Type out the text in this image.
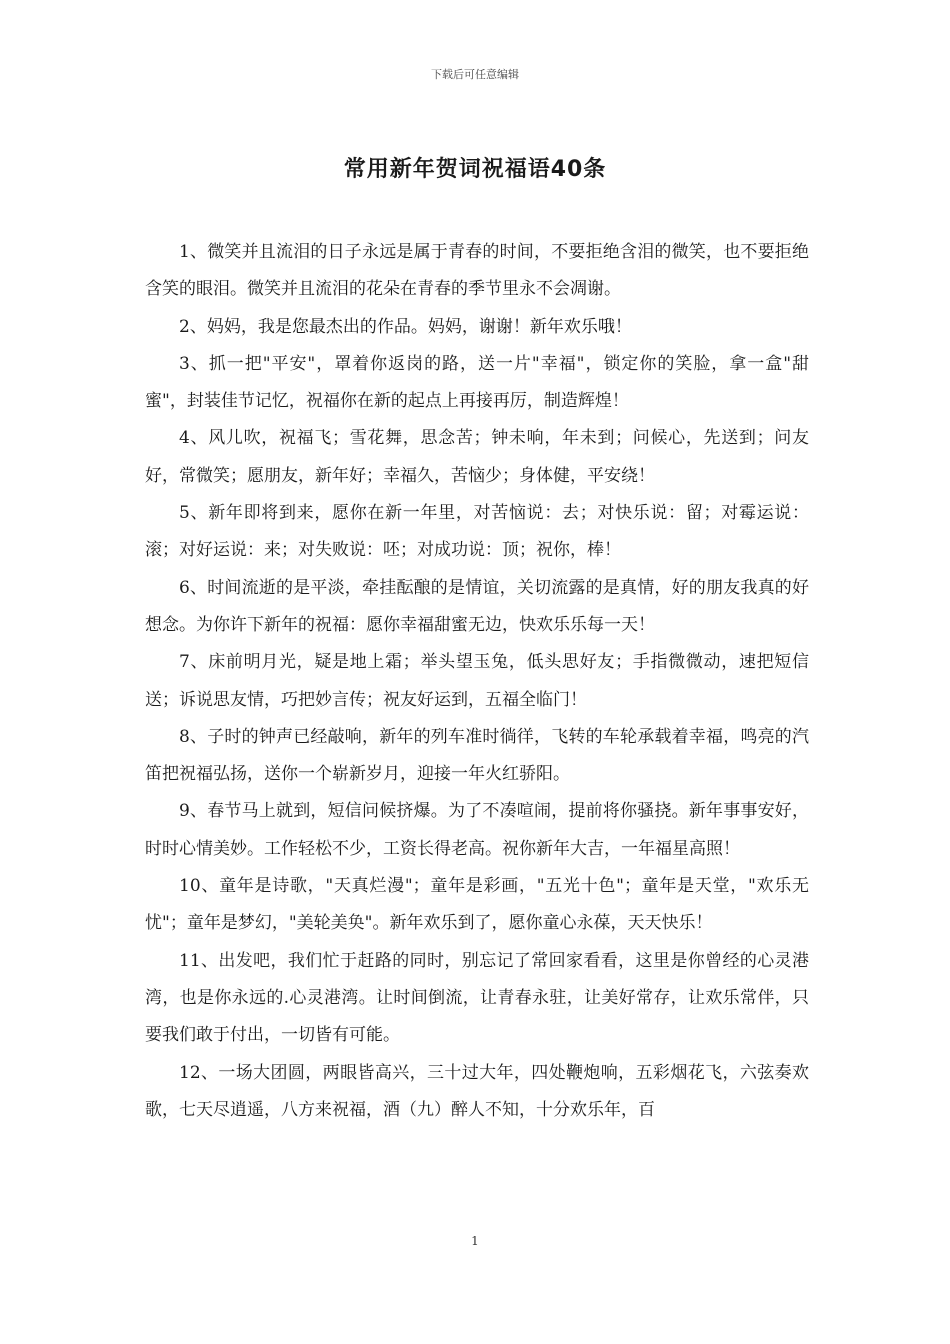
下载后可任意编辑
常用新年贺词祝福语40条

1、微笑并且流泪的日子永远是属于青春的时间，不要拒绝含泪的微笑，也不要拒绝含笑的眼泪。微笑并且流泪的花朵在青春的季节里永不会凋谢。

2、妈妈，我是您最杰出的作品。妈妈，谢谢！新年欢乐哦！

3、抓一把"平安"，罩着你返岗的路，送一片"幸福"，锁定你的笑脸，拿一盒"甜蜜"，封装佳节记忆，祝福你在新的起点上再接再厉，制造辉煌！

4、风儿吹，祝福飞；雪花舞，思念苦；钟未响，年未到；问候心，先送到；问友好，常微笑；愿朋友，新年好；幸福久，苦恼少；身体健，平安绕！

5、新年即将到来，愿你在新一年里，对苦恼说：去；对快乐说：留；对霉运说：滚；对好运说：来；对失败说：呸；对成功说：顶；祝你，棒！

6、时间流逝的是平淡，牵挂酝酿的是情谊，关切流露的是真情，好的朋友我真的好想念。为你许下新年的祝福：愿你幸福甜蜜无边，快欢乐乐每一天！

7、床前明月光，疑是地上霜；举头望玉兔，低头思好友；手指微微动，速把短信送；诉说思友情，巧把妙言传；祝友好运到，五福全临门！

8、子时的钟声已经敲响，新年的列车准时徜徉，飞转的车轮承载着幸福，鸣亮的汽笛把祝福弘扬，送你一个崭新岁月，迎接一年火红骄阳。

9、春节马上就到，短信问候挤爆。为了不凑喧闹，提前将你骚挠。新年事事安好，时时心情美妙。工作轻松不少，工资长得老高。祝你新年大吉，一年福星高照！

10、童年是诗歌，"天真烂漫"；童年是彩画，"五光十色"；童年是天堂，"欢乐无忧"；童年是梦幻，"美轮美奂"。新年欢乐到了，愿你童心永葆，天天快乐！

11、出发吧，我们忙于赶路的同时，别忘记了常回家看看，这里是你曾经的心灵港湾，也是你永远的.心灵港湾。让时间倒流，让青春永驻，让美好常存，让欢乐常伴，只要我们敢于付出，一切皆有可能。

12、一场大团圆，两眼皆高兴，三十过大年，四处鞭炮响，五彩烟花飞，六弦奏欢歌，七天尽逍遥，八方来祝福，酒（九）醉人不知，十分欢乐年，百

1
